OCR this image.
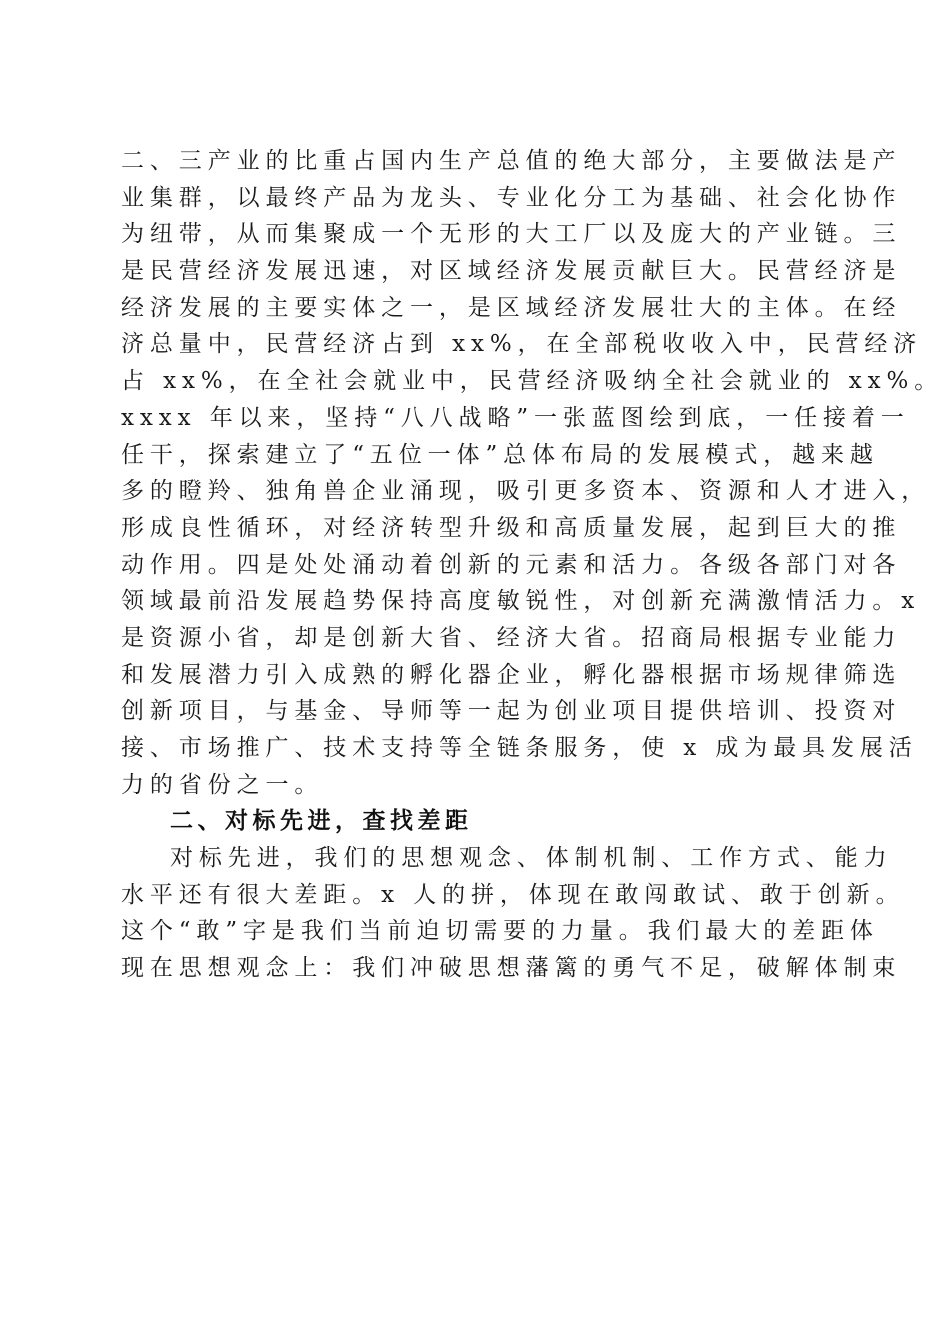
二、三产业的比重占国内生产总值的绝大部分，主要做法是产
业集群，以最终产品为龙头、专业化分工为基础、社会化协作
为纽带，从而集聚成一个无形的大工厂以及庞大的产业链。三
是民营经济发展迅速，对区域经济发展贡献巨大。民营经济是
经济发展的主要实体之一，是区域经济发展壮大的主体。在经
济总量中，民营经济占到 xx%，在全部税收收入中，民营经济
占 xx%，在全社会就业中，民营经济吸纳全社会就业的 xx%。
xxxx 年以来，坚持“八八战略”一张蓝图绘到底，一任接着一
任干，探索建立了“五位一体”总体布局的发展模式，越来越
多的瞪羚、独角兽企业涌现，吸引更多资本、资源和人才进入，
形成良性循环，对经济转型升级和高质量发展，起到巨大的推
动作用。四是处处涌动着创新的元素和活力。各级各部门对各
领域最前沿发展趋势保持高度敏锐性，对创新充满激情活力。x
是资源小省，却是创新大省、经济大省。招商局根据专业能力
和发展潜力引入成熟的孵化器企业，孵化器根据市场规律筛选
创新项目，与基金、导师等一起为创业项目提供培训、投资对
接、市场推广、技术支持等全链条服务，使 x 成为最具发展活
力的省份之一。
二、对标先进，查找差距
对标先进，我们的思想观念、体制机制、工作方式、能力
水平还有很大差距。x 人的拼，体现在敢闯敢试、敢于创新。
这个“敢”字是我们当前迫切需要的力量。我们最大的差距体
现在思想观念上：我们冲破思想藩篱的勇气不足，破解体制束
